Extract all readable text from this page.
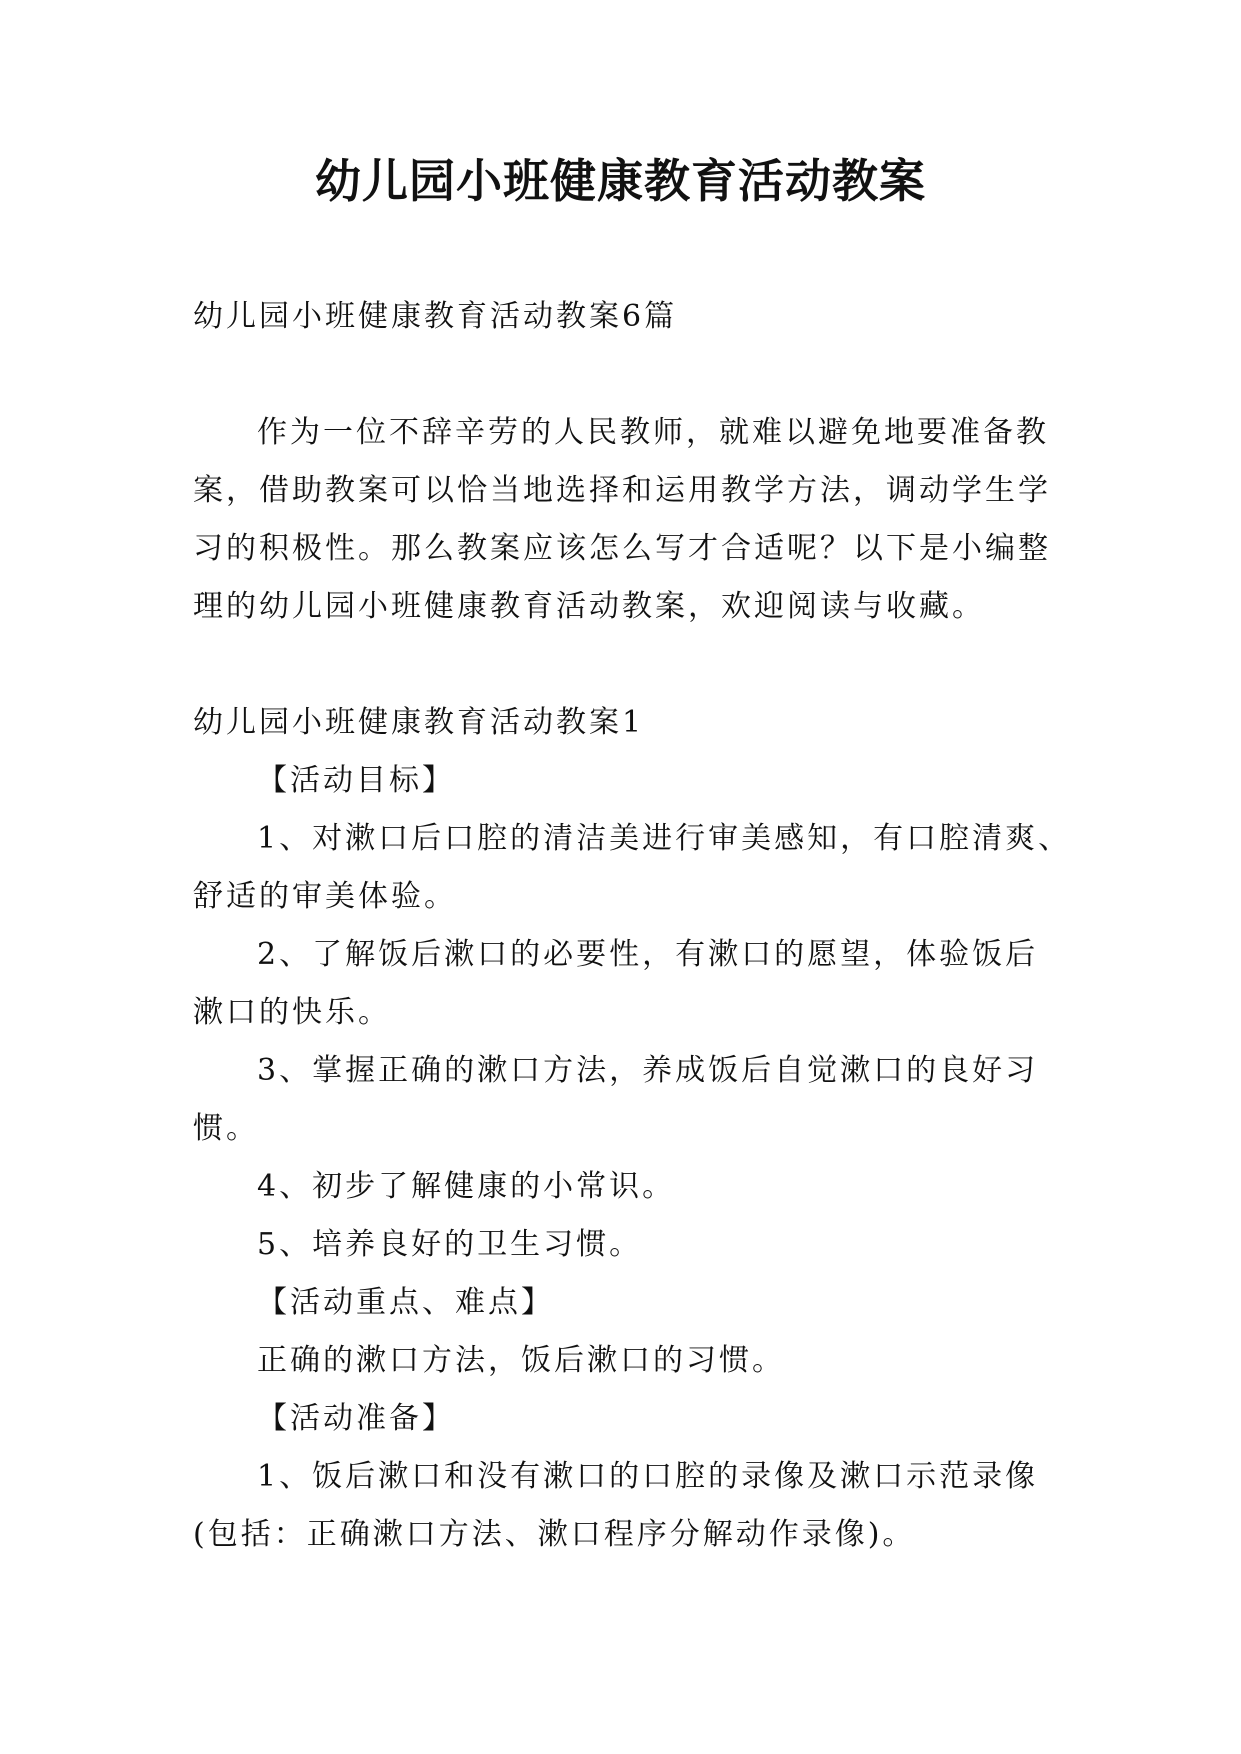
幼儿园小班健康教育活动教案

幼儿园小班健康教育活动教案6篇

作为一位不辞辛劳的人民教师，就难以避免地要准备教

案，借助教案可以恰当地选择和运用教学方法，调动学生学

习的积极性。那么教案应该怎么写才合适呢？以下是小编整

理的幼儿园小班健康教育活动教案，欢迎阅读与收藏。

幼儿园小班健康教育活动教案1

【活动目标】

1、对漱口后口腔的清洁美进行审美感知，有口腔清爽、

舒适的审美体验。

2、了解饭后漱口的必要性，有漱口的愿望，体验饭后

漱口的快乐。

3、掌握正确的漱口方法，养成饭后自觉漱口的良好习

惯。

4、初步了解健康的小常识。

5、培养良好的卫生习惯。

【活动重点、难点】

正确的漱口方法，饭后漱口的习惯。

【活动准备】

1、饭后漱口和没有漱口的口腔的录像及漱口示范录像

(包括：正确漱口方法、漱口程序分解动作录像)。
